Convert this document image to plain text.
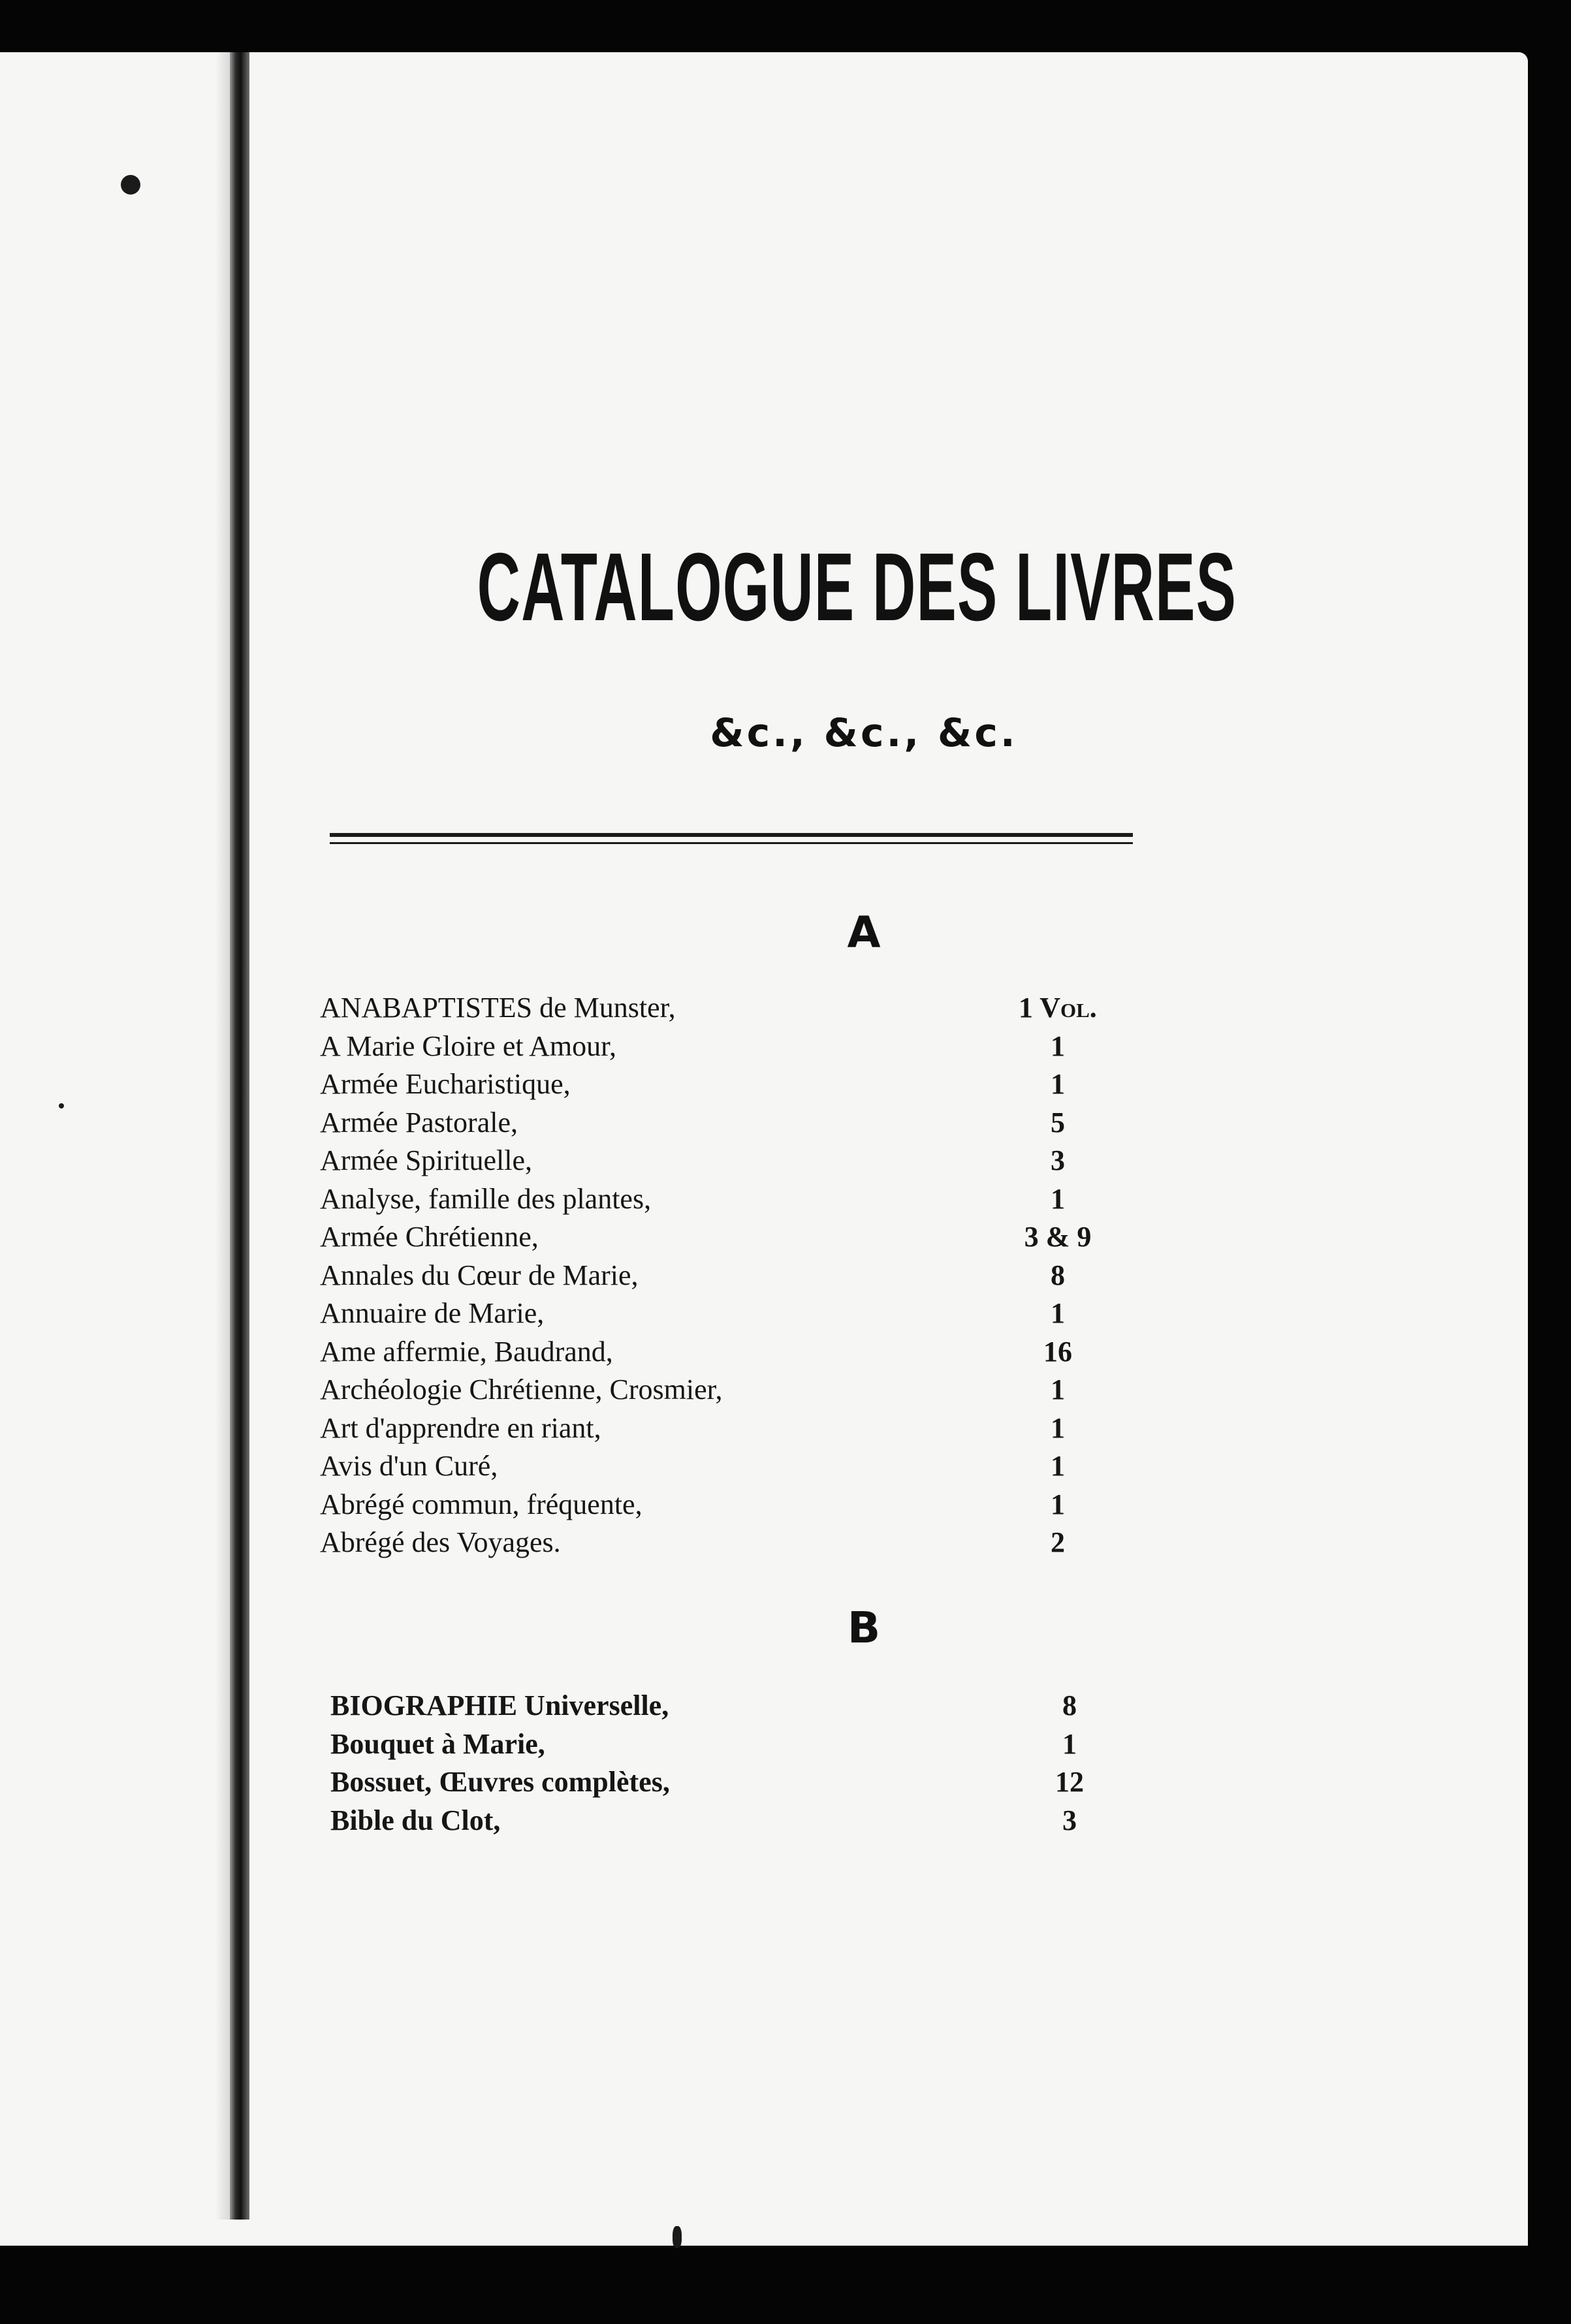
CATALOGUE DES LIVRES
&c., &c., &c.
A
B
ANABAPTISTES de Munster,	1 Vol.
A Marie Gloire et Amour,	1
Armée Eucharistique,	1
Armée Pastorale,	5
Armée Spirituelle,	3
Analyse, famille des plantes,	1
Armée Chrétienne,	3 & 9
Annales du Cœur de Marie,	8
Annuaire de Marie,	1
Ame affermie, Baudrand,	16
Archéologie Chrétienne, Crosmier,	1
Art d'apprendre en riant,	1
Avis d'un Curé,	1
Abrégé commun, fréquente,	1
Abrégé des Voyages.	2
BIOGRAPHIE Universelle,	8
Bouquet à Marie,	1
Bossuet, Œuvres complètes,	12
Bible du Clot,	3
